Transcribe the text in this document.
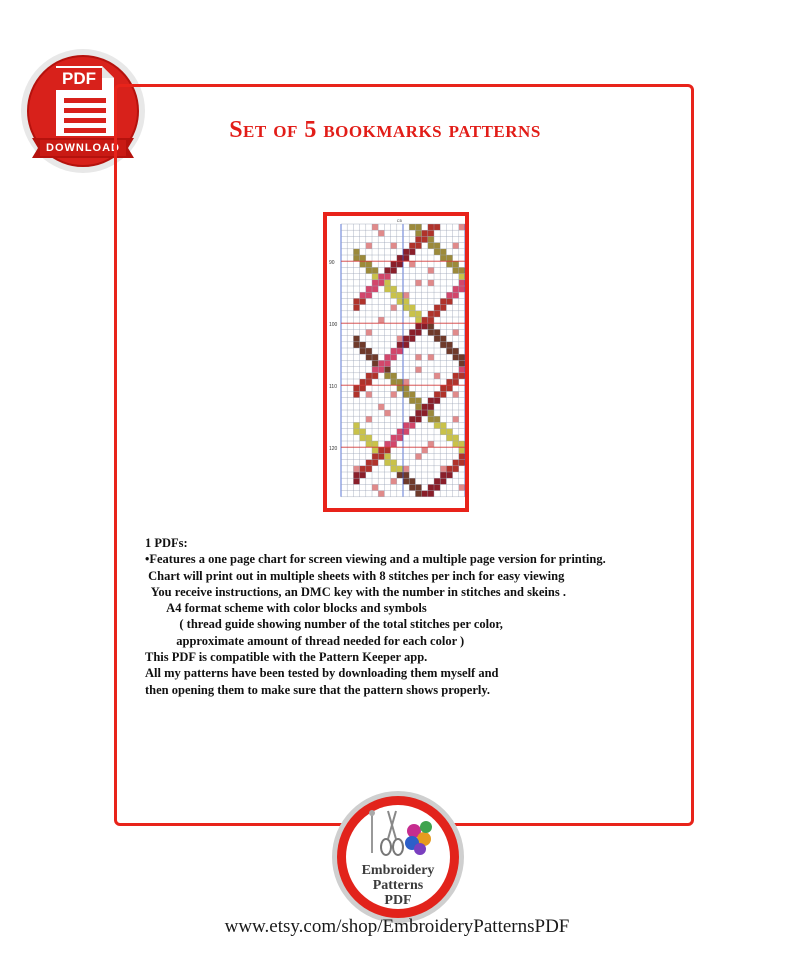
PDF
DOWNLOAD
Set of 5 bookmarks patterns
90
100
110
120
C5
1 PDFs:
•Features a one page chart for screen viewing and a multiple page version for printing.
Chart will print out in multiple sheets with 8 stitches per inch for easy viewing
You receive instructions, an DMC key with the number in stitches and skeins .
A4 format scheme with color blocks and symbols
( thread guide showing number of the total stitches per color,
approximate amount of thread needed for each color )
This PDF is compatible with the Pattern Keeper app.
All my patterns have been tested by downloading them myself and
then opening them to make sure that the pattern shows properly.
Embroidery
Patterns
PDF
www.etsy.com/shop/EmbroideryPatternsPDF
